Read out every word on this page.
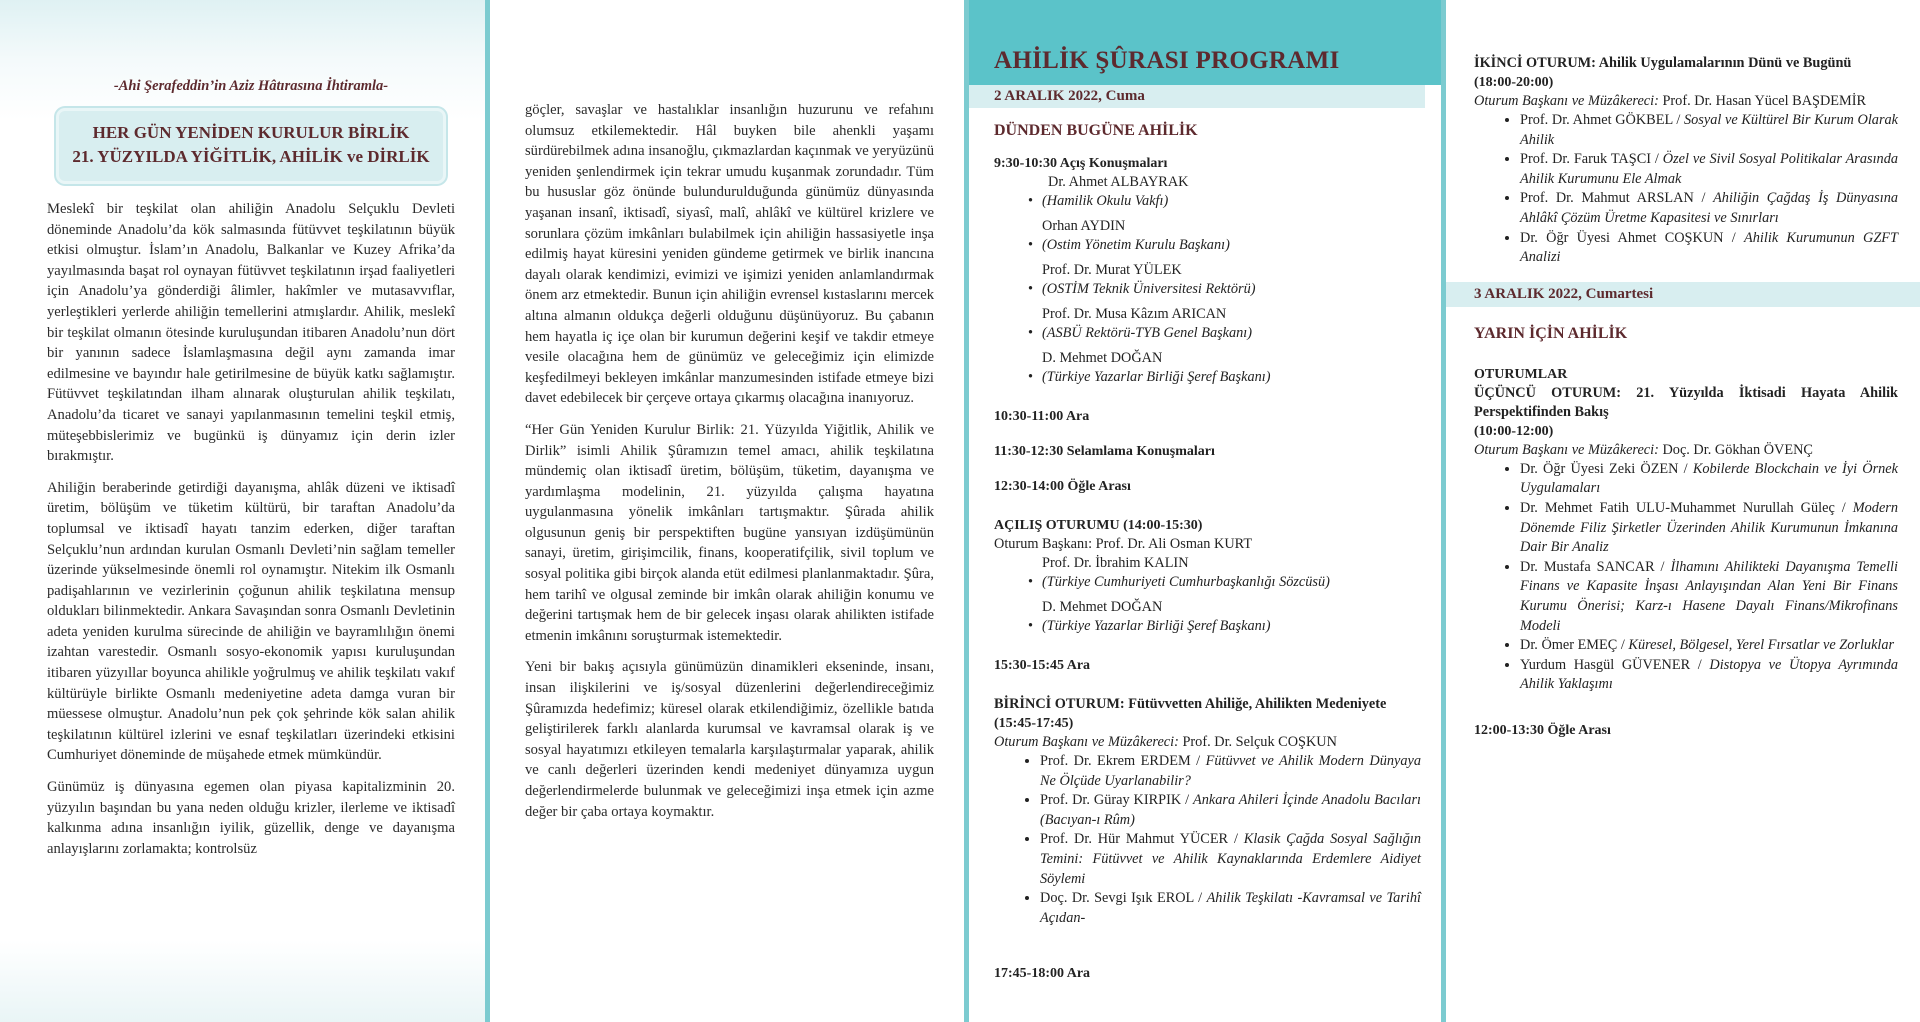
-Ahi Şerafeddin’in Aziz Hâtırasına İhtiramla-
HER GÜN YENİDEN KURULUR BİRLİK
21. YÜZYILDA YİĞİTLİK, AHİLİK ve DİRLİK

Meslekî bir teşkilat olan ahiliğin Anadolu Selçuklu Devleti döneminde Anadolu’da kök salmasında fütüvvet teşkilatının büyük etkisi olmuştur. İslam’ın Anadolu, Balkanlar ve Kuzey Afrika’da yayılmasında başat rol oynayan fütüvvet teşkilatının irşad faaliyetleri için Anadolu’ya gönderdiği âlimler, hakîmler ve mutasavvıflar, yerleştikleri yerlerde ahiliğin temellerini atmışlardır. Ahilik, meslekî bir teşkilat olmanın ötesinde kuruluşundan itibaren Anadolu’nun dört bir yanının sadece İslamlaşmasına değil aynı zamanda imar edilmesine ve bayındır hale getirilmesine de büyük katkı sağlamıştır. Fütüvvet teşkilatından ilham alınarak oluşturulan ahilik teşkilatı, Anadolu’da ticaret ve sanayi yapılanmasının temelini teşkil etmiş, müteşebbislerimiz ve bugünkü iş dünyamız için derin izler bırakmıştır.

Ahiliğin beraberinde getirdiği dayanışma, ahlâk düzeni ve iktisadî üretim, bölüşüm ve tüketim kültürü, bir taraftan Anadolu’da toplumsal ve iktisadî hayatı tanzim ederken, diğer taraftan Selçuklu’nun ardından kurulan Osmanlı Devleti’nin sağlam temeller üzerinde yükselmesinde önemli rol oynamıştır. Nitekim ilk Osmanlı padişahlarının ve vezirlerinin çoğunun ahilik teşkilatına mensup oldukları bilinmektedir. Ankara Savaşından sonra Osmanlı Devletinin adeta yeniden kurulma sürecinde de ahiliğin ve bayramlılığın önemi izahtan varestedir. Osmanlı sosyo-ekonomik yapısı kuruluşundan itibaren yüzyıllar boyunca ahilikle yoğrulmuş ve ahilik teşkilatı vakıf kültürüyle birlikte Osmanlı medeniyetine adeta damga vuran bir müessese olmuştur. Anadolu’nun pek çok şehrinde kök salan ahilik teşkilatının kültürel izlerini ve esnaf teşkilatları üzerindeki etkisini Cumhuriyet döneminde de müşahede etmek mümkündür.

Günümüz iş dünyasına egemen olan piyasa kapitalizminin 20. yüzyılın başından bu yana neden olduğu krizler, ilerleme ve iktisadî kalkınma adına insanlığın iyilik, güzellik, denge ve dayanışma anlayışlarını zorlamakta; kontrolsüz

göçler, savaşlar ve hastalıklar insanlığın huzurunu ve refahını olumsuz etkilemektedir. Hâl buyken bile ahenkli yaşamı sürdürebilmek adına insanoğlu, çıkmazlardan kaçınmak ve yeryüzünü yeniden şenlendirmek için tekrar umudu kuşanmak zorundadır. Tüm bu hususlar göz önünde bulundurulduğunda günümüz dünyasında yaşanan insanî, iktisadî, siyasî, malî, ahlâkî ve kültürel krizlere ve sorunlara çözüm imkânları bulabilmek için ahiliğin hassasiyetle inşa edilmiş hayat küresini yeniden gündeme getirmek ve birlik inancına dayalı olarak kendimizi, evimizi ve işimizi yeniden anlamlandırmak önem arz etmektedir. Bunun için ahiliğin evrensel kıstaslarını mercek altına almanın oldukça değerli olduğunu düşünüyoruz. Bu çabanın hem hayatla iç içe olan bir kurumun değerini keşif ve takdir etmeye vesile olacağına hem de günümüz ve geleceğimiz için elimizde keşfedilmeyi bekleyen imkânlar manzumesinden istifade etmeye bizi davet edebilecek bir çerçeve ortaya çıkarmış olacağına inanıyoruz.

“Her Gün Yeniden Kurulur Birlik: 21. Yüzyılda Yiğitlik, Ahilik ve Dirlik” isimli Ahilik Şûramızın temel amacı, ahilik teşkilatına mündemiç olan iktisadî üretim, bölüşüm, tüketim, dayanışma ve yardımlaşma modelinin, 21. yüzyılda çalışma hayatına uygulanmasına yönelik imkânları tartışmaktır. Şûrada ahilik olgusunun geniş bir perspektiften bugüne yansıyan izdüşümünün sanayi, üretim, girişimcilik, finans, kooperatifçilik, sivil toplum ve sosyal politika gibi birçok alanda etüt edilmesi planlanmaktadır. Şûra, hem tarihî ve olgusal zeminde bir imkân olarak ahiliğin konumu ve değerini tartışmak hem de bir gelecek inşası olarak ahilikten istifade etmenin imkânını soruşturmak istemektedir.

Yeni bir bakış açısıyla günümüzün dinamikleri ekseninde, insanı, insan ilişkilerini ve iş/sosyal düzenlerini değerlendireceğimiz Şûramızda hedefimiz; küresel olarak etkilendiğimiz, özellikle batıda geliştirilerek farklı alanlarda kurumsal ve kavramsal olarak iş ve sosyal hayatımızı etkileyen temalarla karşılaştırmalar yaparak, ahilik ve canlı değerleri üzerinden kendi medeniyet dünyamıza uygun değerlendirmelerde bulunmak ve geleceğimizi inşa etmek için azme değer bir çaba ortaya koymaktır.

AHİLİK ŞÛRASI PROGRAMI
2 ARALIK 2022, Cuma
DÜNDEN BUGÜNE AHİLİK
9:30-10:30 Açış Konuşmaları
Dr. Ahmet ALBAYRAK
• (Hamilik Okulu Vakfı)
Orhan AYDIN
• (Ostim Yönetim Kurulu Başkanı)
Prof. Dr. Murat YÜLEK
• (OSTİM Teknik Üniversitesi Rektörü)
Prof. Dr. Musa Kâzım ARICAN
• (ASBÜ Rektörü-TYB Genel Başkanı)
D. Mehmet DOĞAN
• (Türkiye Yazarlar Birliği Şeref Başkanı)
10:30-11:00 Ara
11:30-12:30 Selamlama Konuşmaları
12:30-14:00 Öğle Arası
AÇILIŞ OTURUMU (14:00-15:30)
Oturum Başkanı: Prof. Dr. Ali Osman KURT
Prof. Dr. İbrahim KALIN
• (Türkiye Cumhuriyeti Cumhurbaşkanlığı Sözcüsü)
D. Mehmet DOĞAN
• (Türkiye Yazarlar Birliği Şeref Başkanı)
15:30-15:45 Ara
BİRİNCİ OTURUM: Fütüvvetten Ahiliğe, Ahilikten Medeniyete
(15:45-17:45)
Oturum Başkanı ve Müzâkereci: Prof. Dr. Selçuk COŞKUN
• Prof. Dr. Ekrem ERDEM / Fütüvvet ve Ahilik Modern Dünyaya Ne Ölçüde Uyarlanabilir?
• Prof. Dr. Güray KIRPIK / Ankara Ahileri İçinde Anadolu Bacıları (Bacıyan-ı Rûm)
• Prof. Dr. Hür Mahmut YÜCER / Klasik Çağda Sosyal Sağlığın Temini: Fütüvvet ve Ahilik Kaynaklarında Erdemlere Aidiyet Söylemi
• Doç. Dr. Sevgi Işık EROL / Ahilik Teşkilatı -Kavramsal ve Tarihî Açıdan-
17:45-18:00 Ara
İKİNCİ OTURUM: Ahilik Uygulamalarının Dünü ve Bugünü
(18:00-20:00)
Oturum Başkanı ve Müzâkereci: Prof. Dr. Hasan Yücel BAŞDEMİR
• Prof. Dr. Ahmet GÖKBEL / Sosyal ve Kültürel Bir Kurum Olarak Ahilik
• Prof. Dr. Faruk TAŞCI / Özel ve Sivil Sosyal Politikalar Arasında Ahilik Kurumunu Ele Almak
• Prof. Dr. Mahmut ARSLAN / Ahiliğin Çağdaş İş Dünyasına Ahlâkî Çözüm Üretme Kapasitesi ve Sınırları
• Dr. Öğr Üyesi Ahmet COŞKUN / Ahilik Kurumunun GZFT Analizi
3 ARALIK 2022, Cumartesi
YARIN İÇİN AHİLİK
OTURUMLAR
ÜÇÜNCÜ OTURUM: 21. Yüzyılda İktisadi Hayata Ahilik Perspektifinden Bakış
(10:00-12:00)
Oturum Başkanı ve Müzâkereci: Doç. Dr. Gökhan ÖVENÇ
• Dr. Öğr Üyesi Zeki ÖZEN / Kobilerde Blockchain ve İyi Örnek Uygulamaları
• Dr. Mehmet Fatih ULU-Muhammet Nurullah Güleç / Modern Dönemde Filiz Şirketler Üzerinden Ahilik Kurumunun İmkanına Dair Bir Analiz
• Dr. Mustafa SANCAR / İlhamını Ahilikteki Dayanışma Temelli Finans ve Kapasite İnşası Anlayışından Alan Yeni Bir Finans Kurumu Önerisi; Karz-ı Hasene Dayalı Finans/Mikrofinans Modeli
• Dr. Ömer EMEÇ / Küresel, Bölgesel, Yerel Fırsatlar ve Zorluklar
• Yurdum Hasgül GÜVENER / Distopya ve Ütopya Ayrımında Ahilik Yaklaşımı
12:00-13:30 Öğle Arası
